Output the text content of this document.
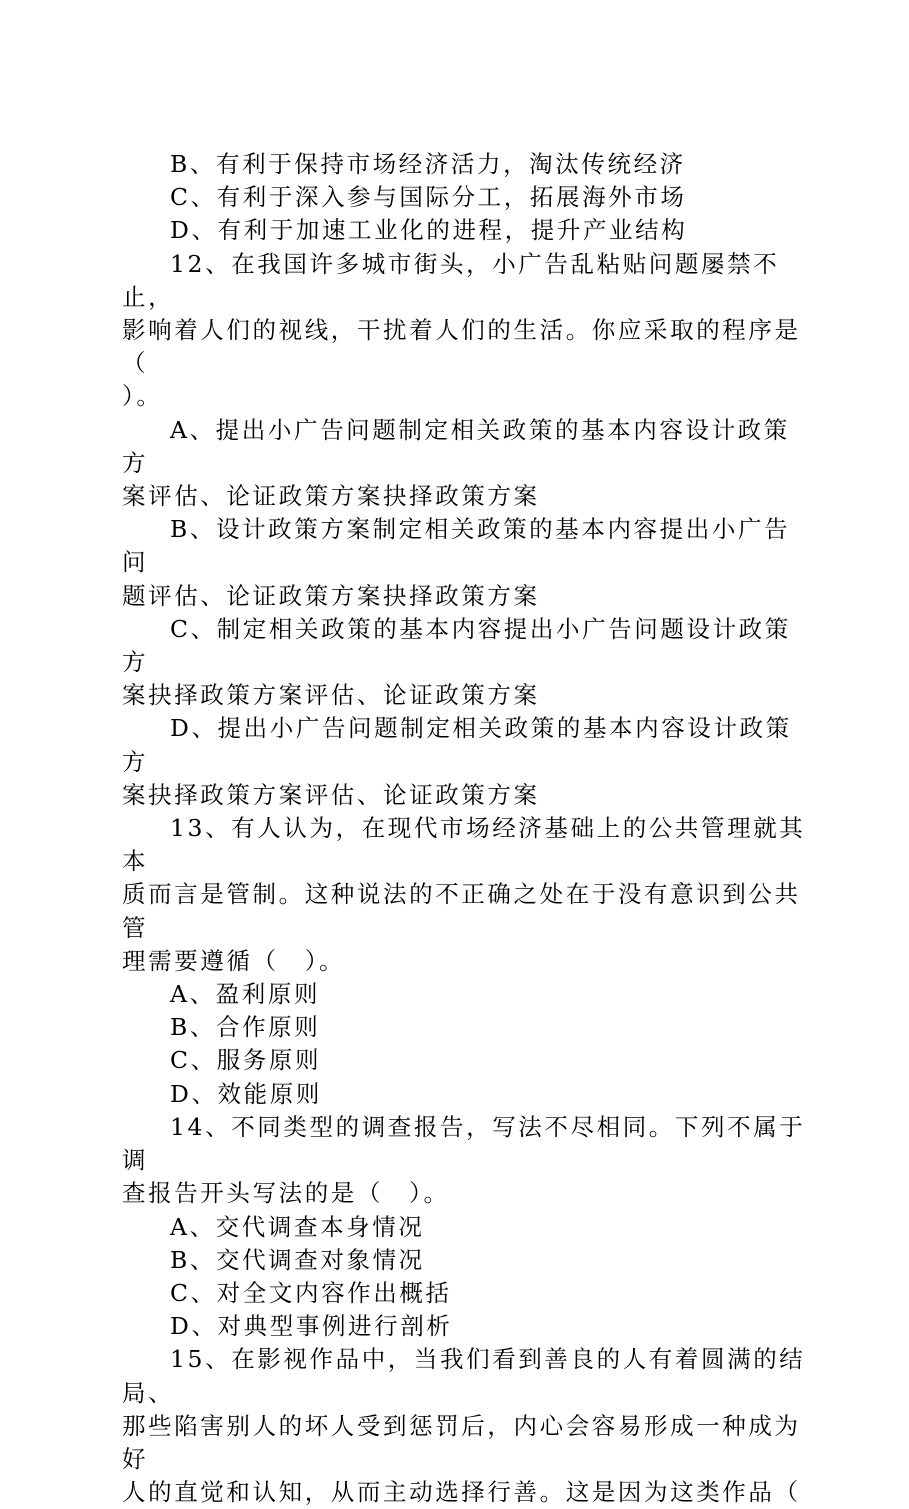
B、有利于保持市场经济活力，淘汰传统经济
C、有利于深入参与国际分工，拓展海外市场
D、有利于加速工业化的进程，提升产业结构
12、在我国许多城市街头，小广告乱粘贴问题屡禁不止，
影响着人们的视线，干扰着人们的生活。你应采取的程序是（
）。
A、提出小广告问题制定相关政策的基本内容设计政策方
案评估、论证政策方案抉择政策方案
B、设计政策方案制定相关政策的基本内容提出小广告问
题评估、论证政策方案抉择政策方案
C、制定相关政策的基本内容提出小广告问题设计政策方
案抉择政策方案评估、论证政策方案
D、提出小广告问题制定相关政策的基本内容设计政策方
案抉择政策方案评估、论证政策方案
13、有人认为，在现代市场经济基础上的公共管理就其本
质而言是管制。这种说法的不正确之处在于没有意识到公共管
理需要遵循（　）。
A、盈利原则
B、合作原则
C、服务原则
D、效能原则
14、不同类型的调查报告，写法不尽相同。下列不属于调
查报告开头写法的是（　）。
A、交代调查本身情况
B、交代调查对象情况
C、对全文内容作出概括
D、对典型事例进行剖析
15、在影视作品中，当我们看到善良的人有着圆满的结局、
那些陷害别人的坏人受到惩罚后，内心会容易形成一种成为好
人的直觉和认知，从而主动选择行善。这是因为这类作品（
